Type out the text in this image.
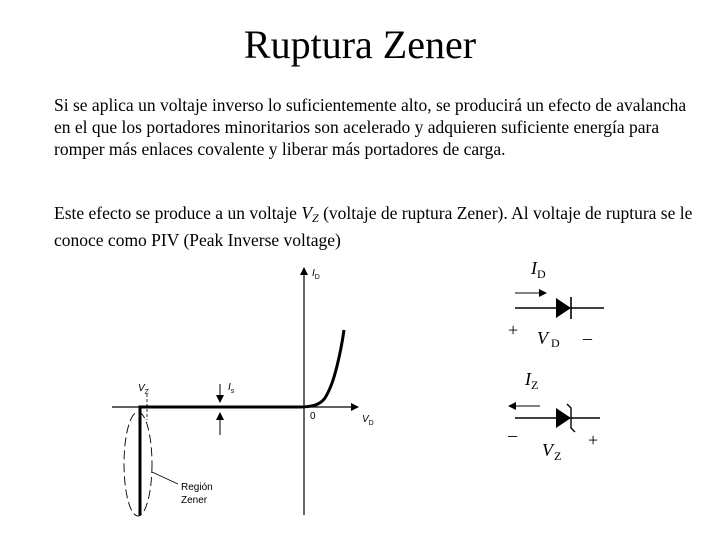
Ruptura Zener

Si se aplica un voltaje inverso lo suficientemente alto, se producirá un efecto de avalancha en el que los portadores minoritarios son acelerado y adquieren suficiente energía para romper más enlaces covalente y liberar más portadores de carga.

Este efecto se produce a un voltaje $V_Z$ (voltaje de ruptura Zener). Al voltaje de ruptura se le conoce como PIV (Peak Inverse voltage)

$I_D$
$V_D$
0
$V_Z$	$I_s$
Región
Zener
$I_D$
+ V D –
$I_Z$
–
$V_Z$
+
